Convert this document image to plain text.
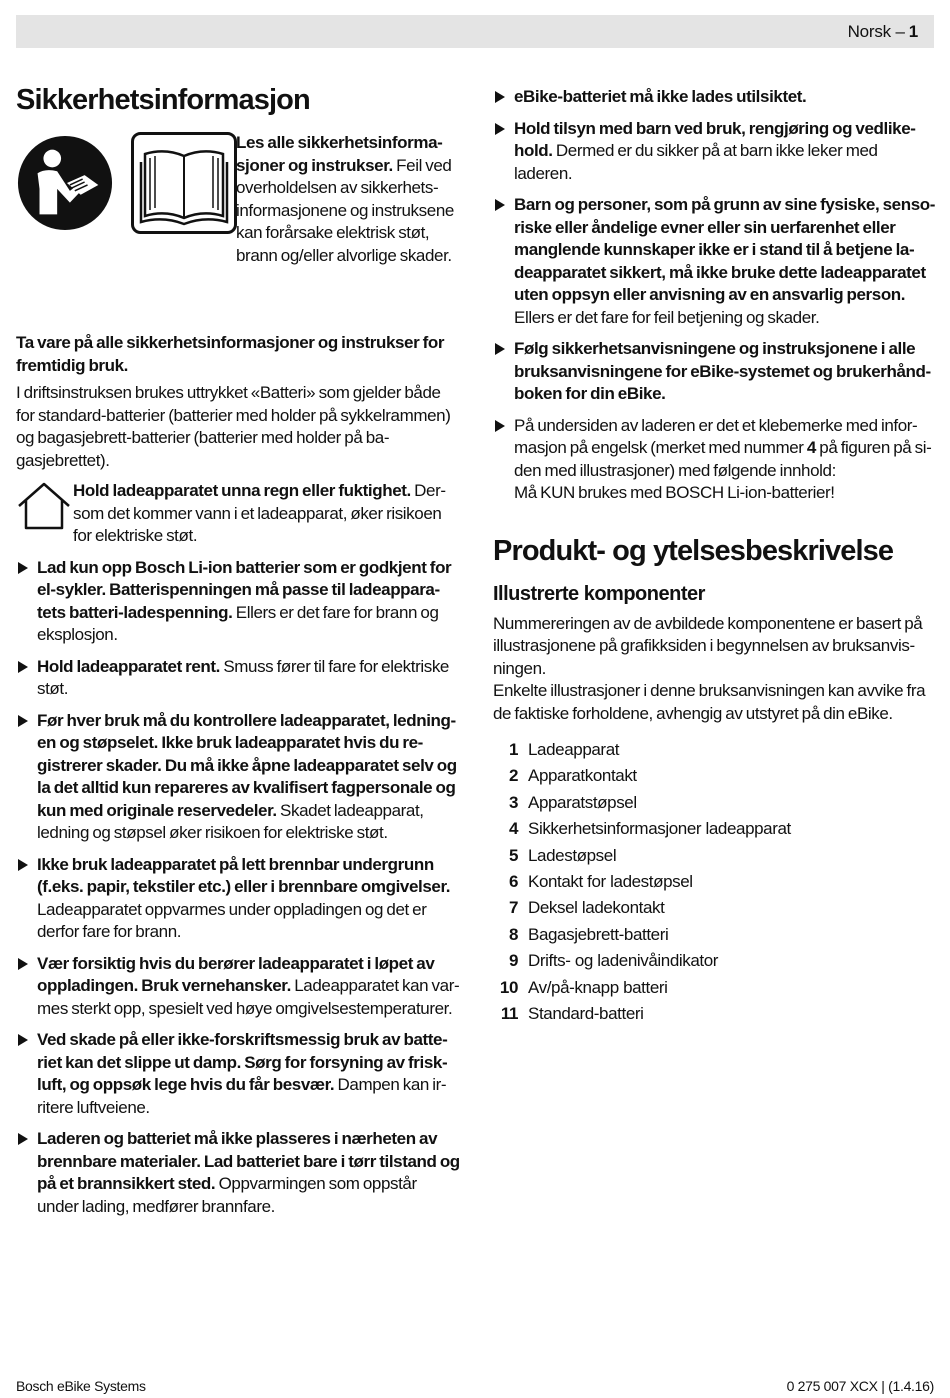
Norsk – 1
Sikkerhetsinformasjon
Les alle sikkerhetsinformasjoner og instrukser. Feil ved overholdelsen av sikkerhetsinformasjonene og instruksene kan forårsake elektrisk støt, brann og/eller alvorlige skader.

Ta vare på alle sikkerhetsinformasjoner og instrukser for fremtidig bruk.

I driftsinstruksen brukes uttrykket «Batteri» som gjelder både for standard-batterier (batterier med holder på sykkelrammen) og bagasjebrett-batterier (batterier med holder på bagasjebrettet).

Hold ladeapparatet unna regn eller fuktighet. Dersom det kommer vann i et ladeapparat, øker risikoen for elektriske støt.
Lad kun opp Bosch Li-ion batterier som er godkjent for el-sykler. Batterispenningen må passe til ladeapparatets batteri-ladespenning. Ellers er det fare for brann og eksplosjon.
Hold ladeapparatet rent. Smuss fører til fare for elektriske støt.
Før hver bruk må du kontrollere ladeapparatet, ledningen og støpselet. Ikke bruk ladeapparatet hvis du registrerer skader. Du må ikke åpne ladeapparatet selv og la det alltid kun repareres av kvalifisert fagpersonale og kun med originale reservedeler. Skadet ladeapparat, ledning og støpsel øker risikoen for elektriske støt.
Ikke bruk ladeapparatet på lett brennbar undergrunn (f.eks. papir, tekstiler etc.) eller i brennbare omgivelser. Ladeapparatet oppvarmes under oppladingen og det er derfor fare for brann.
Vær forsiktig hvis du berører ladeapparatet i løpet av oppladingen. Bruk vernehansker. Ladeapparatet kan varmes sterkt opp, spesielt ved høye omgivelsestemperaturer.
Ved skade på eller ikke-forskriftsmessig bruk av batteriet kan det slippe ut damp. Sørg for forsyning av friskluft, og oppsøk lege hvis du får besvær. Dampen kan irritere luftveiene.
Laderen og batteriet må ikke plasseres i nærheten av brennbare materialer. Lad batteriet bare i tørr tilstand og på et brannsikkert sted. Oppvarmingen som oppstår under lading, medfører brannfare.
eBike-batteriet må ikke lades utilsiktet.
Hold tilsyn med barn ved bruk, rengjøring og vedlikehold. Dermed er du sikker på at barn ikke leker med laderen.
Barn og personer, som på grunn av sine fysiske, sensoriske eller åndelige evner eller sin uerfarenhet eller manglende kunnskaper ikke er i stand til å betjene ladeapparatet sikkert, må ikke bruke dette ladeapparatet uten oppsyn eller anvisning av en ansvarlig person. Ellers er det fare for feil betjening og skader.
Følg sikkerhetsanvisningene og instruksjonene i alle bruksanvisningene for eBike-systemet og brukerhåndboken for din eBike.
På undersiden av laderen er det et klebemerke med informasjon på engelsk (merket med nummer 4 på figuren på siden med illustrasjoner) med følgende innhold:
Må KUN brukes med BOSCH Li-ion-batterier!
Produkt- og ytelsesbeskrivelse
Illustrerte komponenter

Nummereringen av de avbildede komponentene er basert på illustrasjonene på grafikksiden i begynnelsen av bruksanvisningen.

Enkelte illustrasjoner i denne bruksanvisningen kan avvike fra de faktiske forholdene, avhengig av utstyret på din eBike.

1 Ladeapparat
2 Apparatkontakt
3 Apparatstøpsel
4 Sikkerhetsinformasjoner ladeapparat
5 Ladestøpsel
6 Kontakt for ladestøpsel
7 Deksel ladekontakt
8 Bagasjebrett-batteri
9 Drifts- og ladenivåindikator
10 Av/på-knapp batteri
11 Standard-batteri
Bosch eBike Systems	0 275 007 XCX | (1.4.16)
